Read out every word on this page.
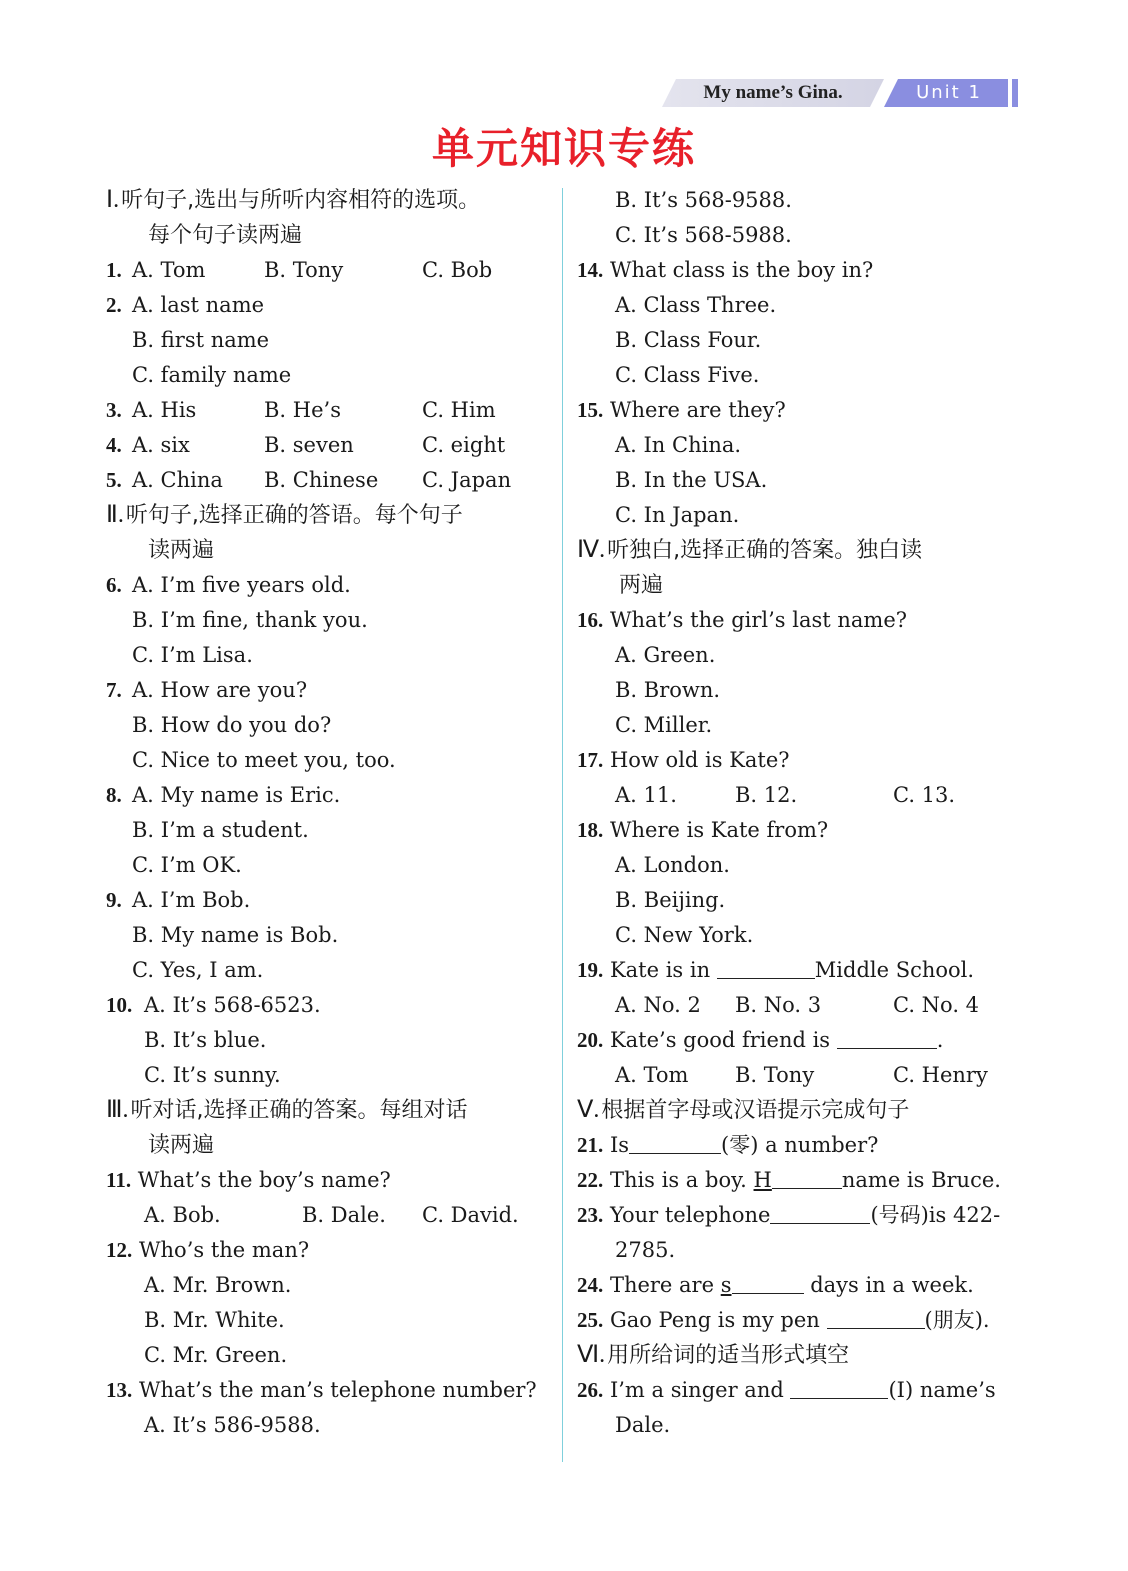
My name’s Gina.	Unit 1
单元知识专练
Ⅰ.听句子,选出与所听内容相符的选项。
每个句子读两遍
1. A. Tom	B. Tony	C. Bob
2. A. last name
B. first name
C. family name
3. A. His	B. He’s	C. Him
4. A. six	B. seven	C. eight
5. A. China B. Chinese C. Japan
Ⅱ.听句子,选择正确的答语。每个句子
读两遍
6. A. I’m five years old.
B. I’m fine, thank you.
C. I’m Lisa.
7. A. How are you?
B. How do you do?
C. Nice to meet you, too.
8. A. My name is Eric.
B. I’m a student.
C. I’m OK.
9. A. I’m Bob.
B. My name is Bob.
C. Yes, I am.
10. A. It’s 568-6523.
B. It’s blue.
C. It’s sunny.
Ⅲ.听对话,选择正确的答案。每组对话
读两遍
11. What’s the boy’s name?
A. Bob.	B. Dale. C. David.
12. Who’s the man?
A. Mr. Brown.
B. Mr. White.
C. Mr. Green.
13. What’s the man’s telephone number?
A. It’s 586-9588.
B. It’s 568-9588.
C. It’s 568-5988.
14. What class is the boy in?
A. Class Three.
B. Class Four.
C. Class Five.
15. Where are they?
A. In China.
B. In the USA.
C. In Japan.
Ⅳ.听独白,选择正确的答案。独白读
两遍
16. What’s the girl’s last name?
A. Green.
B. Brown.
C. Miller.
17. How old is Kate?
A. 11.	B. 12.	C. 13.
18. Where is Kate from?
A. London.
B. Beijing.
C. New York.
19. Kate is in	Middle School.
A. No. 2 B. No. 3	C. No. 4
20. Kate’s good friend is	.
A. Tom B. Tony	C. Henry
Ⅴ.根据首字母或汉语提示完成句子
21. Is	(零) a number?
22. This is a boy. H	name is Bruce.
23. Your telephone	(号码)is 422-
2785.
24. There are s	days in a week.
25. Gao Peng is my pen	(朋友).
Ⅵ.用所给词的适当形式填空
26. I’m a singer and	(I) name’s
Dale.
